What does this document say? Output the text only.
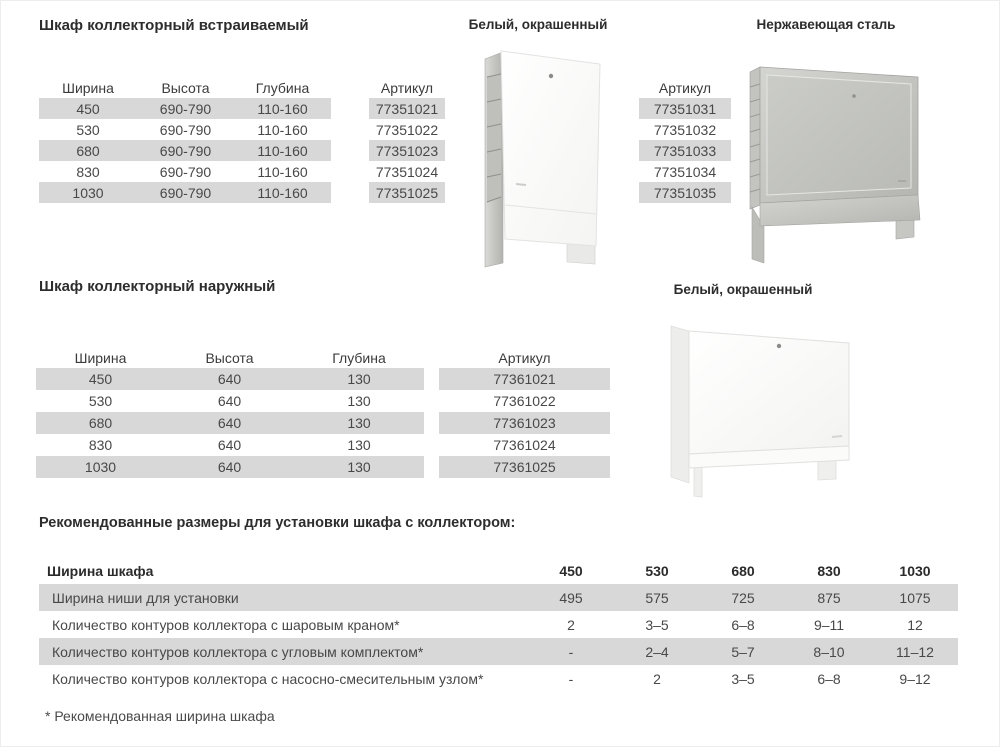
Шкаф коллекторный встраиваемый	Белый, окрашенный	Нержавеющая сталь
Ширина	Высота	Глубина
450	690-790	110-160
530	690-790	110-160
680	690-790	110-160
830	690-790	110-160
1030	690-790	110-160
Артикул
77351021
77351022
77351023
77351024
77351025
Артикул
77351031
77351032
77351033
77351034
77351035
Шкаф коллекторный наружный	Белый, окрашенный
Ширина	Высота	Глубина
450	640	130
530	640	130
680	640	130
830	640	130
1030	640	130
Артикул
77361021
77361022
77361023
77361024
77361025
Рекомендованные размеры для установки шкафа с коллектором:
Ширина шкафа	450	530	680	830	1030
Ширина ниши для установки	495	575	725	875	1075
Количество контуров коллектора с шаровым краном*	2	3–5	6–8	9–11	12
Количество контуров коллектора с угловым комплектом*	-	2–4	5–7	8–10	11–12
Количество контуров коллектора с насосно-смесительным узлом*	-	2	3–5	6–8	9–12
* Рекомендованная ширина шкафа
